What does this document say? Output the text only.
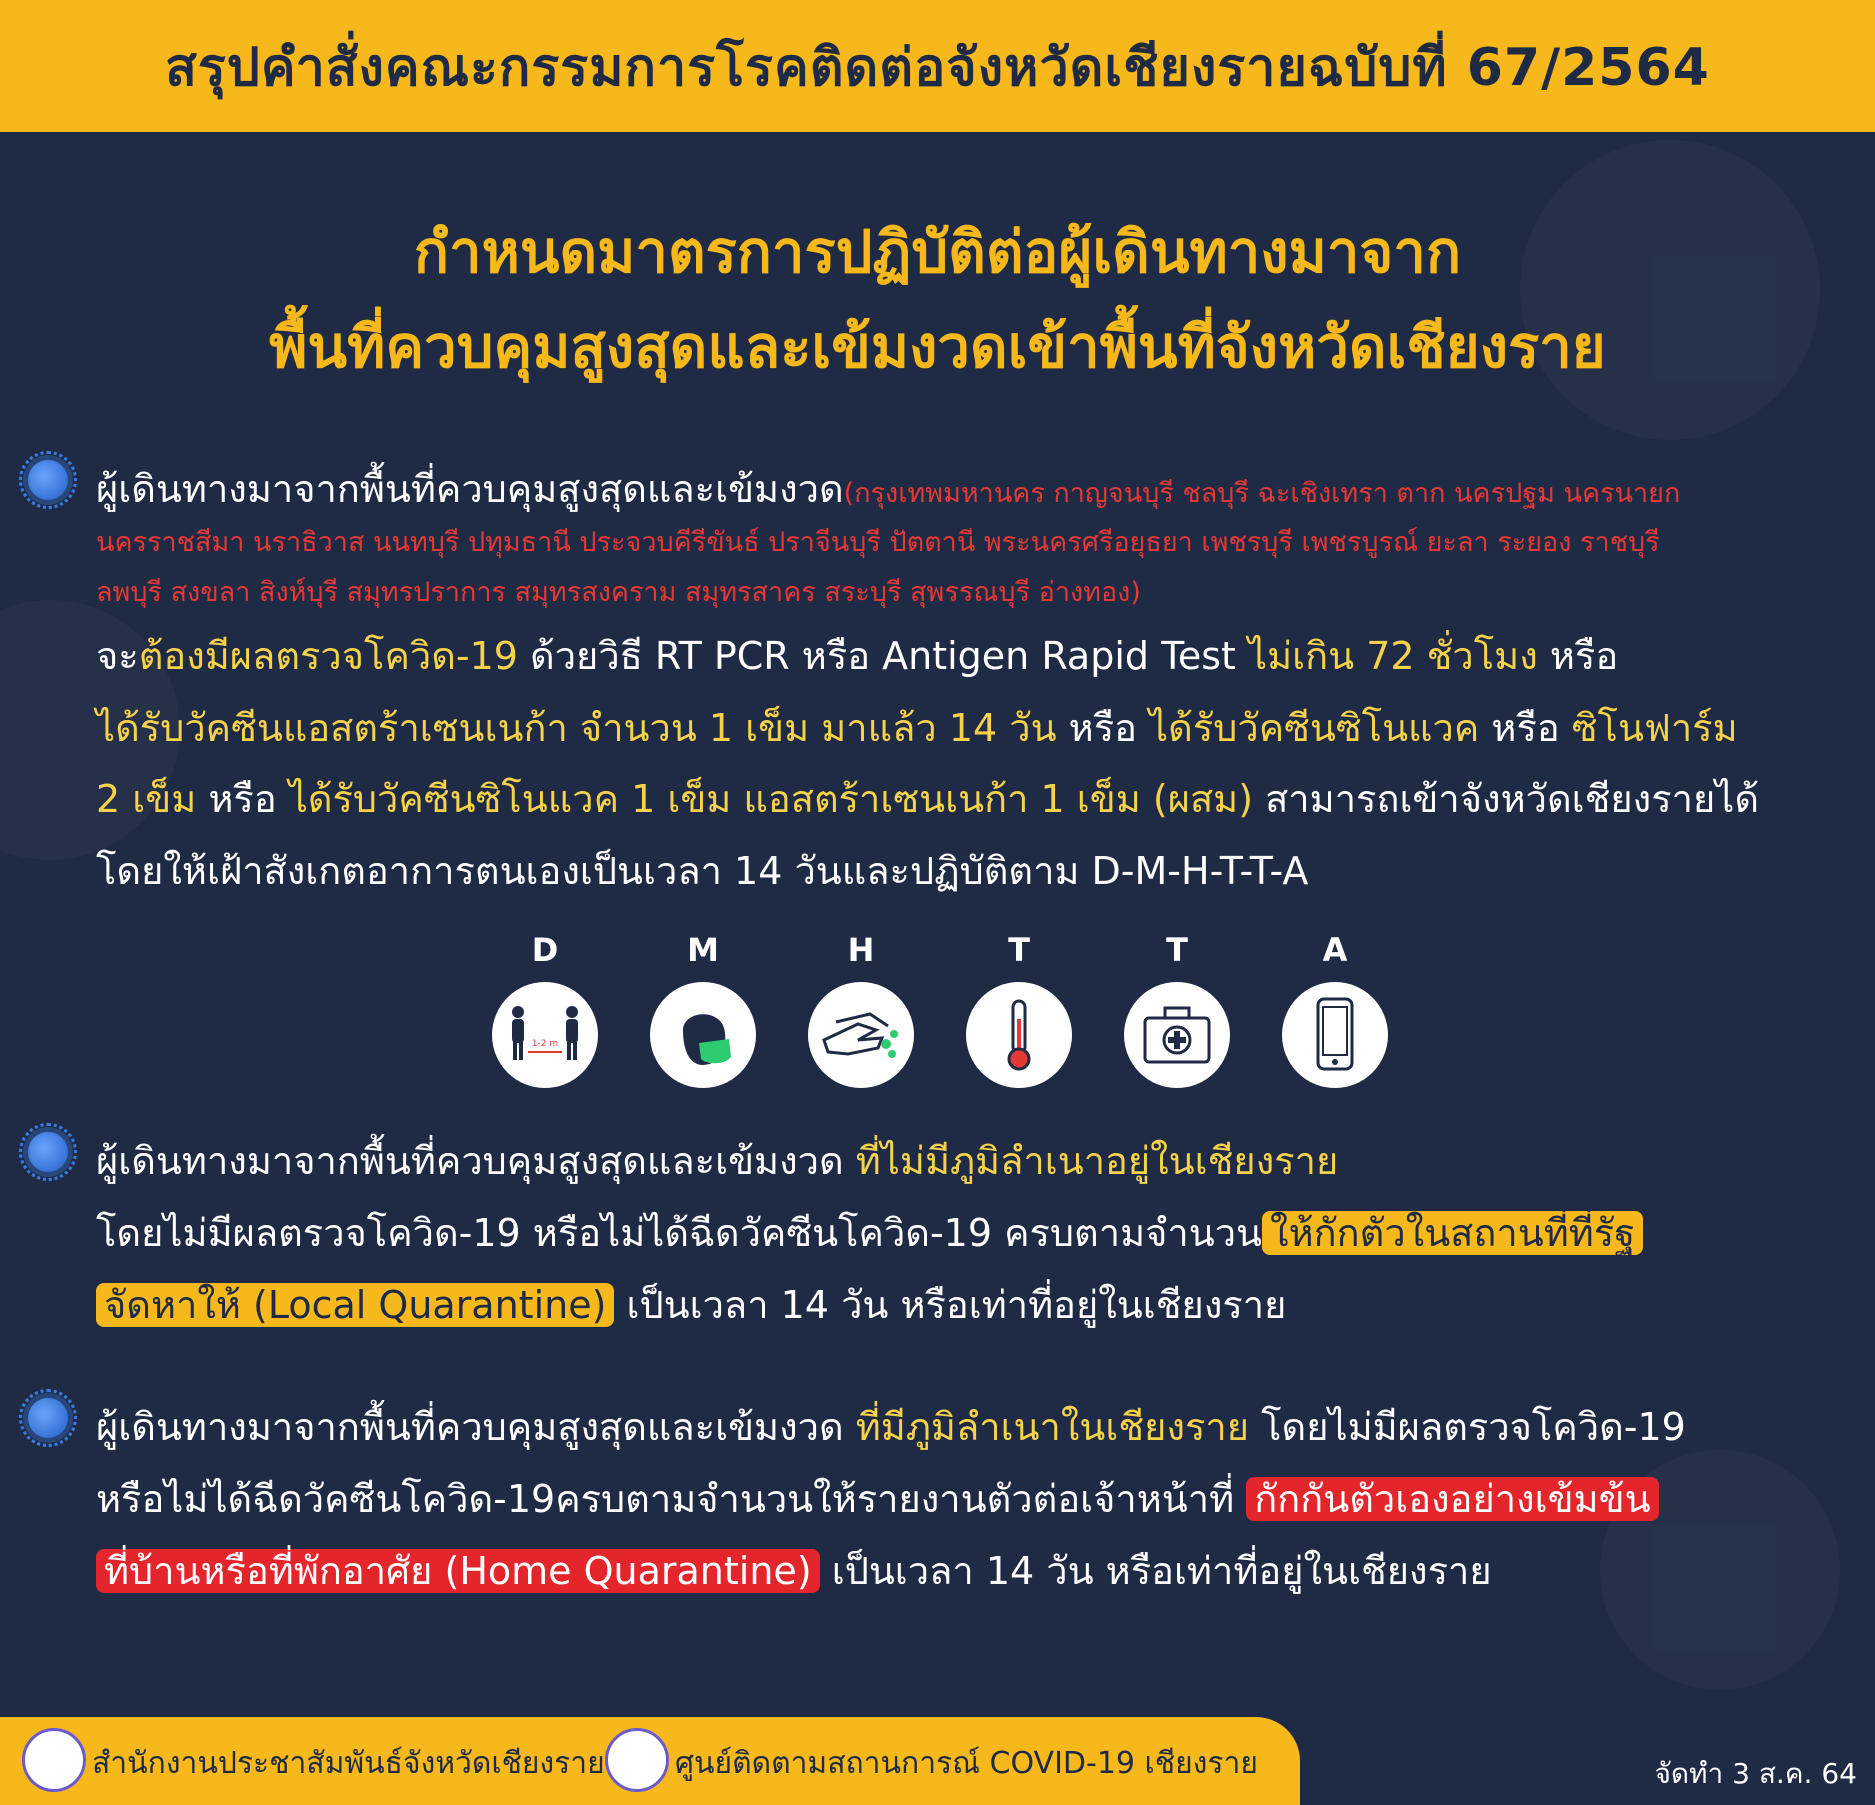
สรุปคำสั่งคณะกรรมการโรคติดต่อจังหวัดเชียงรายฉบับที่ 67/2564
กำหนดมาตรการปฏิบัติต่อผู้เดินทางมาจาก
พื้นที่ควบคุมสูงสุดและเข้มงวดเข้าพื้นที่จังหวัดเชียงราย
ผู้เดินทางมาจากพื้นที่ควบคุมสูงสุดและเข้มงวด(กรุงเทพมหานคร กาญจนบุรี ชลบุรี ฉะเชิงเทรา ตาก นครปฐม นครนายก
นครราชสีมา นราธิวาส นนทบุรี ปทุมธานี ประจวบคีรีขันธ์ ปราจีนบุรี ปัตตานี พระนครศรีอยุธยา เพชรบุรี เพชรบูรณ์ ยะลา ระยอง ราชบุรี
ลพบุรี สงขลา สิงห์บุรี สมุทรปราการ สมุทรสงคราม สมุทรสาคร สระบุรี สุพรรณบุรี อ่างทอง)
จะต้องมีผลตรวจโควิด-19 ด้วยวิธี RT PCR หรือ Antigen Rapid Test ไม่เกิน 72 ชั่วโมง หรือ
ได้รับวัคซีนแอสตร้าเซนเนก้า จำนวน 1 เข็ม มาแล้ว 14 วัน หรือ ได้รับวัคซีนซิโนแวค หรือ ซิโนฟาร์ม
2 เข็ม หรือ ได้รับวัคซีนซิโนแวค 1 เข็ม แอสตร้าเซนเนก้า 1 เข็ม (ผสม) สามารถเข้าจังหวัดเชียงรายได้
โดยให้เฝ้าสังเกตอาการตนเองเป็นเวลา 14 วันและปฏิบัติตาม D-M-H-T-T-A
D
1-2 m
M	H	T	T	A
ผู้เดินทางมาจากพื้นที่ควบคุมสูงสุดและเข้มงวด ที่ไม่มีภูมิลำเนาอยู่ในเชียงราย
โดยไม่มีผลตรวจโควิด-19 หรือไม่ได้ฉีดวัคซีนโควิด-19 ครบตามจำนวน ให้กักตัวในสถานที่ที่รัฐ
จัดหาให้ (Local Quarantine) เป็นเวลา 14 วัน หรือเท่าที่อยู่ในเชียงราย
ผู้เดินทางมาจากพื้นที่ควบคุมสูงสุดและเข้มงวด ที่มีภูมิลำเนาในเชียงราย โดยไม่มีผลตรวจโควิด-19
หรือไม่ได้ฉีดวัคซีนโควิด-19ครบตามจำนวนให้รายงานตัวต่อเจ้าหน้าที่ กักกันตัวเองอย่างเข้มข้น
ที่บ้านหรือที่พักอาศัย (Home Quarantine) เป็นเวลา 14 วัน หรือเท่าที่อยู่ในเชียงราย
สำนักงานประชาสัมพันธ์จังหวัดเชียงราย ศูนย์ติดตามสถานการณ์ COVID-19 เชียงราย	จัดทำ 3 ส.ค. 64
